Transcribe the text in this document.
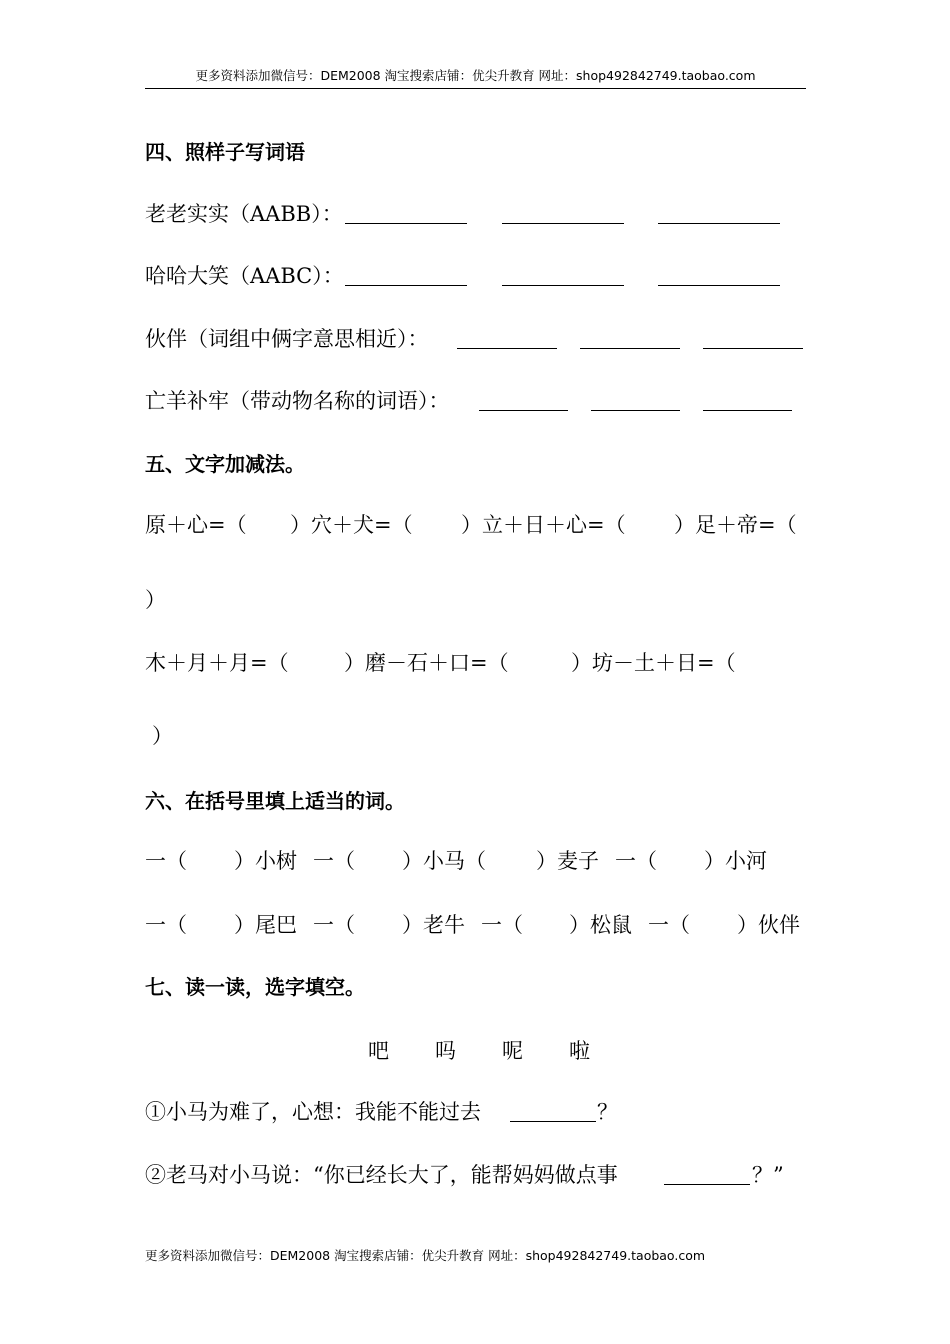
更多资料添加微信号：DEM2008 淘宝搜索店铺：优尖升教育 网址：shop492842749.taobao.com
四、照样子写词语
老老实实（AABB）：
哈哈大笑（AABC）：
伙伴（词组中俩字意思相近）：
亡羊补牢（带动物名称的词语）：
五、文字加减法。
原＋心=（ ）穴＋犬=（ ）立＋日＋心=（ ）足＋帝=（
）
木＋月＋月=（	）磨－石＋口=（	）坊－土＋日=（
）
六、在括号里填上适当的词。
一（ ）小树 一（ ）小马（ ）麦子 一（ ）小河
一（ ）尾巴 一（ ）老牛 一（ ）松鼠 一（ ）伙伴
七、读一读，选字填空。
吧 吗 呢 啦
①小马为难了，心想：我能不能过去	？
②老马对小马说：“你已经长大了，能帮妈妈做点事	？”
更多资料添加微信号：DEM2008 淘宝搜索店铺：优尖升教育 网址：shop492842749.taobao.com
